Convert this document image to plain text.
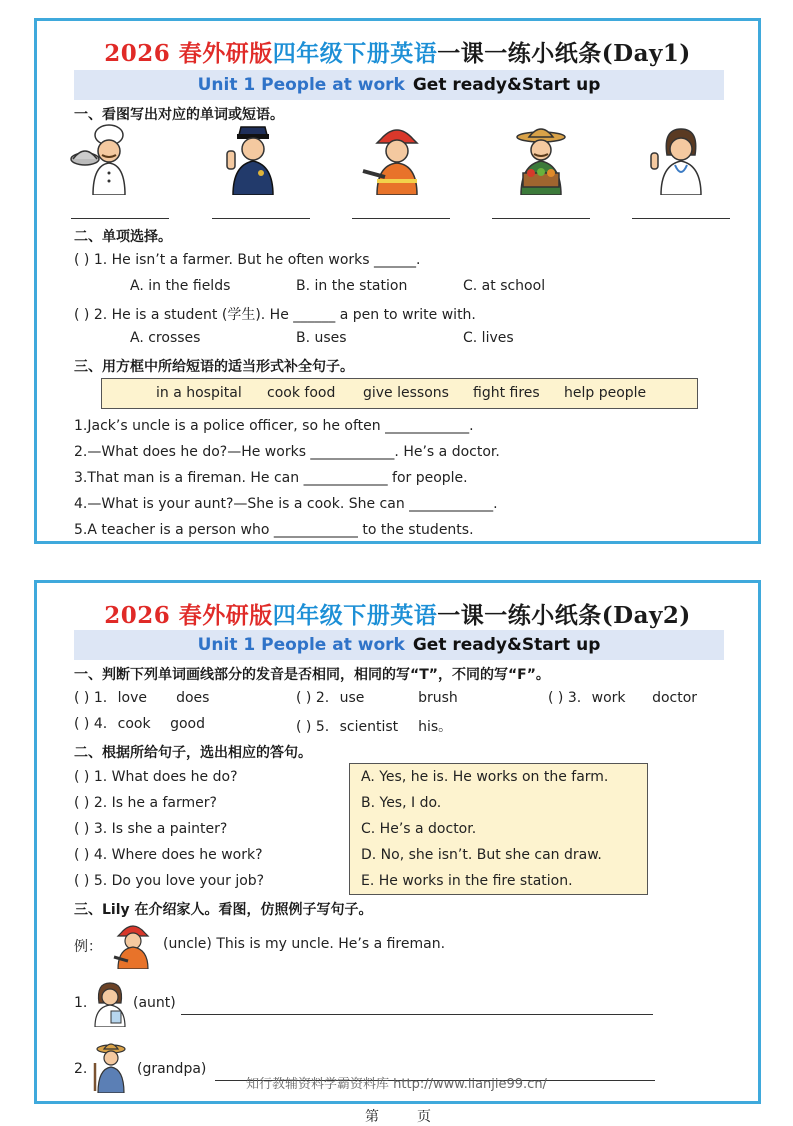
2026 春外研版四年级下册英语一课一练小纸条(Day1)
Unit 1 People at work Get ready&Start up
一、看图写出对应的单词或短语。
二、单项选择。
( ) 1. He isn’t a farmer. But he often works ______.
A. in the fields	B. in the station	C. at school
( ) 2. He is a student (学生). He ______ a pen to write with.
A. crosses	B. uses	C. lives
三、用方框中所给短语的适当形式补全句子。
in a hospital cook food give lessons fight fires help people
1.Jack’s uncle is a police officer, so he often ____________.
2.—What does he do?—He works ____________. He’s a doctor.
3.That man is a fireman. He can ____________ for people.
4.—What is your aunt?—She is a cook. She can ____________.
5.A teacher is a person who ____________ to the students.
2026 春外研版四年级下册英语一课一练小纸条(Day2)
Unit 1 People at work Get ready&Start up
一、判断下列单词画线部分的发音是否相同，相同的写“T”，不同的写“F”。
( ) 1. love does	( ) 2. use	brush	( ) 3. work doctor
( ) 4. cook good	( ) 5. scientist his。
二、根据所给句子，选出相应的答句。
( ) 1. What does he do?
( ) 2. Is he a farmer?
( ) 3. Is she a painter?
( ) 4. Where does he work?
( ) 5. Do you love your job?
A. Yes, he is. He works on the farm.
B. Yes, I do.
C. He’s a doctor.
D. No, she isn’t. But she can draw.
E. He works in the fire station.
三、Lily 在介绍家人。看图，仿照例子写句子。
例：	(uncle) This is my uncle. He’s a fireman.
1.	(aunt)
2.	(grandpa)
知行教辅资料学霸资料库 http://www.lianjie99.cn/
第	页
